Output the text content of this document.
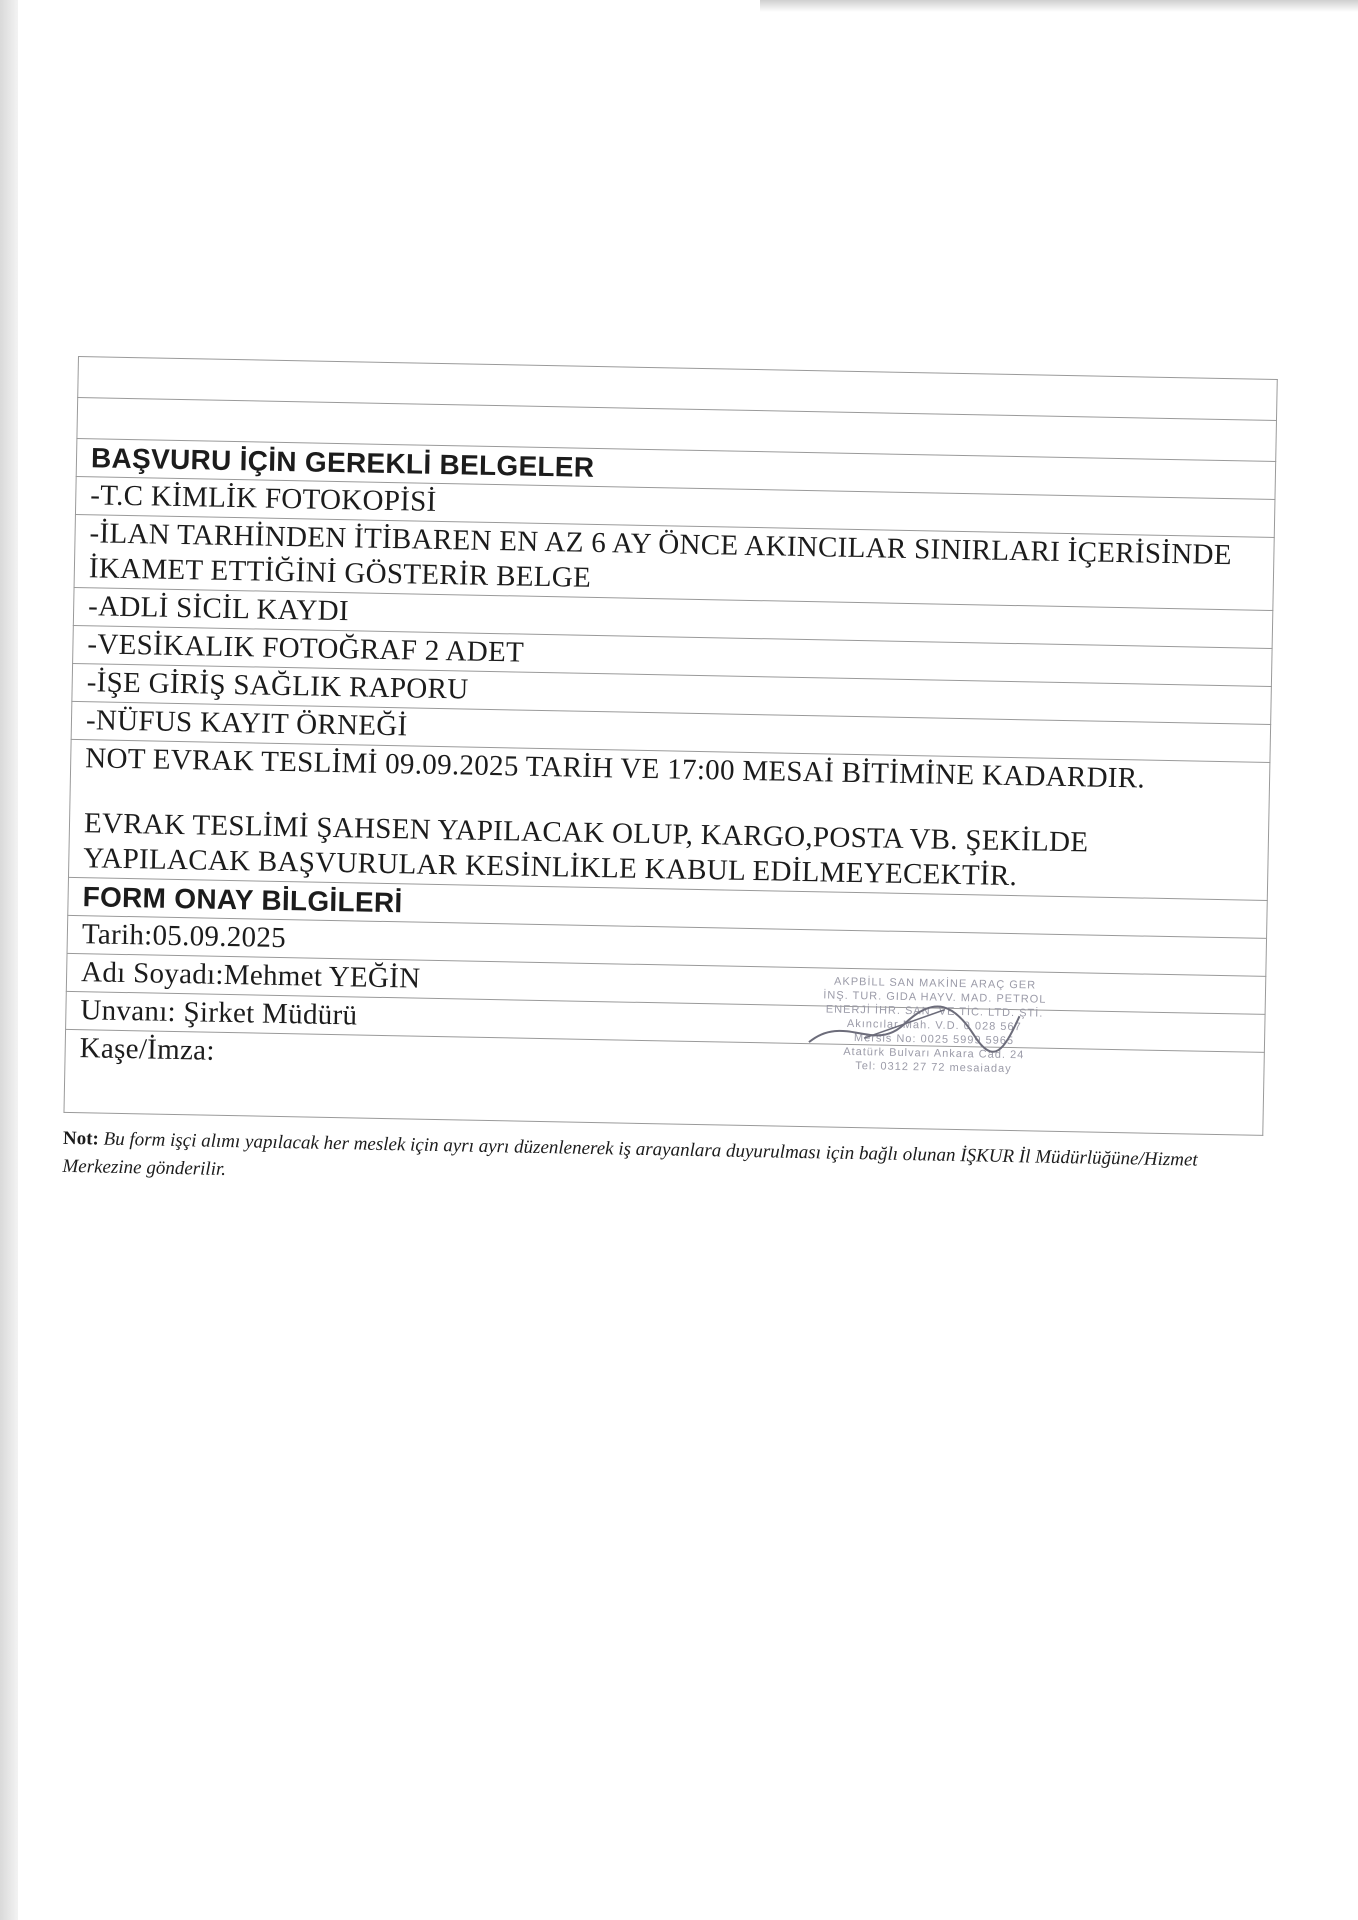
BAŞVURU İÇİN GEREKLİ BELGELER
-T.C KİMLİK FOTOKOPİSİ
-İLAN TARHİNDEN İTİBAREN EN AZ 6 AY ÖNCE AKINCILAR SINIRLARI İÇERİSİNDE İKAMET ETTİĞİNİ GÖSTERİR BELGE
-ADLİ SİCİL KAYDI
-VESİKALIK FOTOĞRAF 2 ADET
-İŞE GİRİŞ SAĞLIK RAPORU
-NÜFUS KAYIT ÖRNEĞİ

NOT EVRAK TESLİMİ 09.09.2025 TARİH VE 17:00 MESAİ BİTİMİNE KADARDIR.
EVRAK TESLİMİ ŞAHSEN YAPILACAK OLUP, KARGO,POSTA VB. ŞEKİLDE YAPILACAK BAŞVURULAR KESİNLİKLE KABUL EDİLMEYECEKTİR.

FORM ONAY BİLGİLERİ
Tarih:05.09.2025
Adı Soyadı:Mehmet YEĞİN
Unvanı: Şirket Müdürü
Kaşe/İmza:
AKPBİLL SAN MAKİNE ARAÇ GER
İNŞ. TUR. GIDA HAYV. MAD. PETROL
ENERJİ İHR. SAN. VE TİC. LTD. ŞTİ.
Akıncılar Mah. V.D. 0 028 567
Mersis No: 0025 5999 5965
Atatürk Bulvarı Ankara Cad. 24
Tel: 0312 27 72 mesaiaday
Not: Bu form işçi alımı yapılacak her meslek için ayrı ayrı düzenlenerek iş arayanlara duyurulması için bağlı olunan İŞKUR İl Müdürlüğüne/Hizmet Merkezine gönderilir.
